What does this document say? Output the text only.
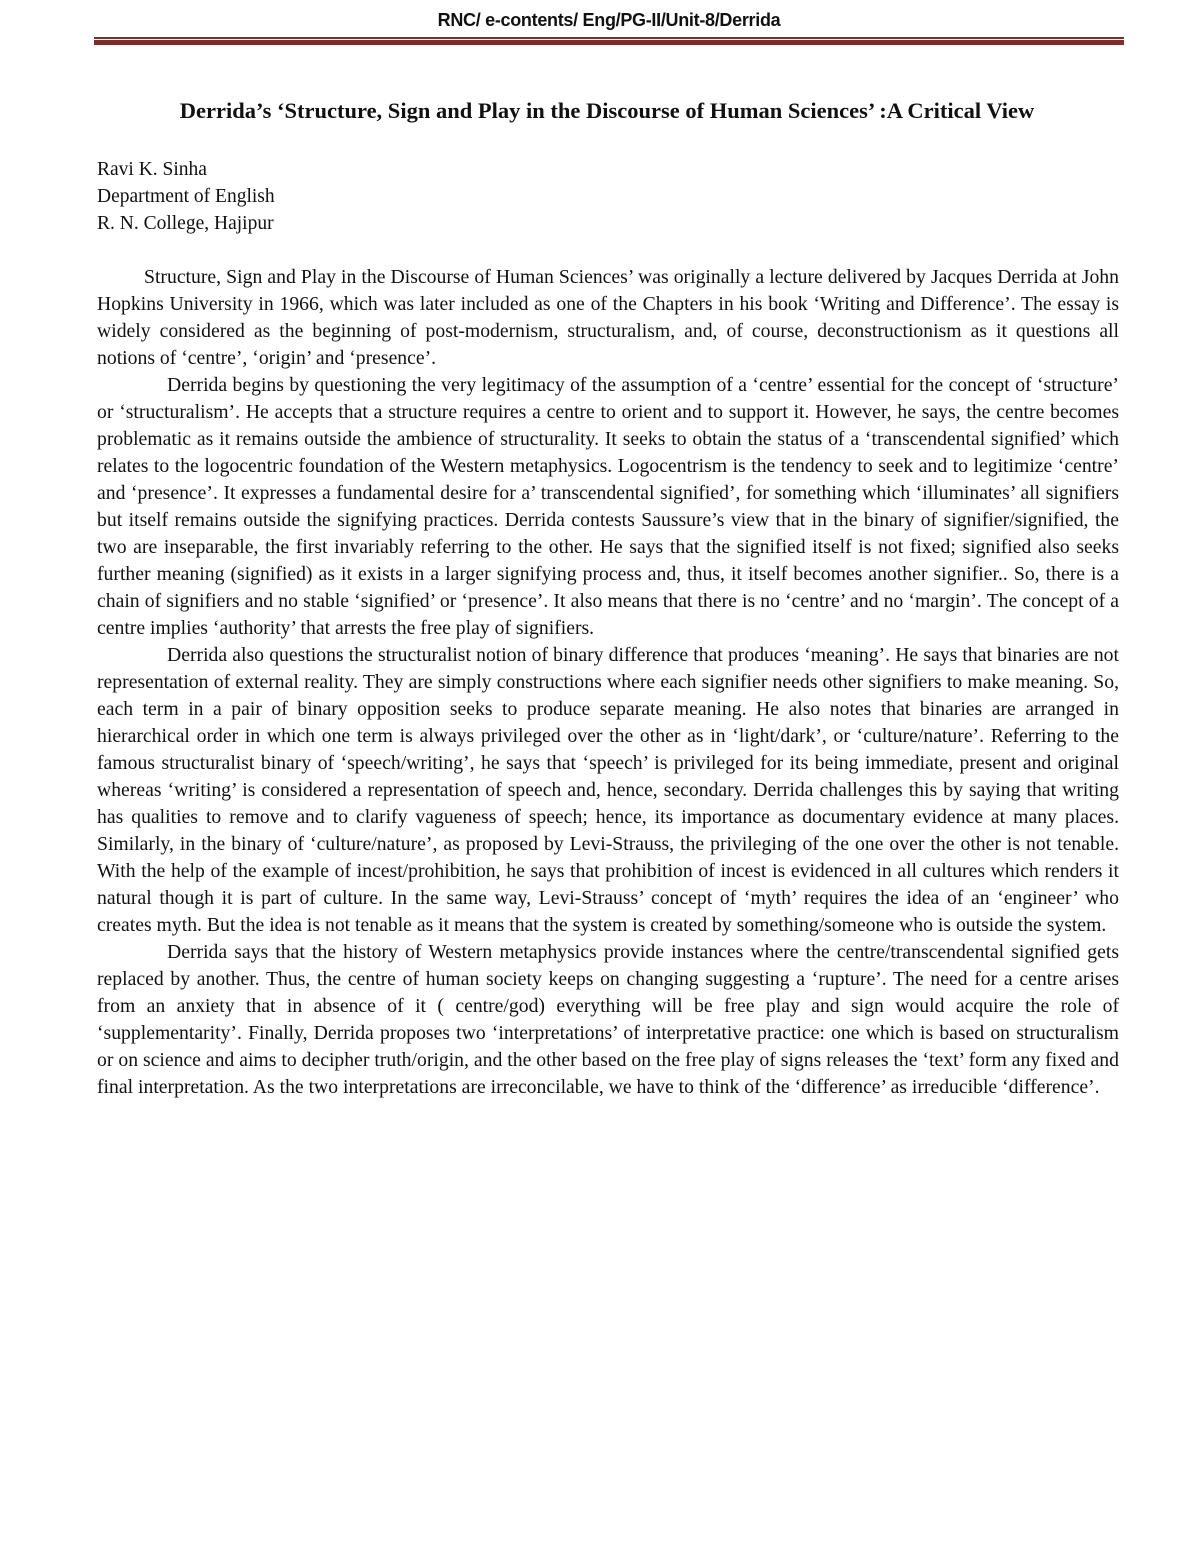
RNC/ e-contents/ Eng/PG-II/Unit-8/Derrida
Derrida’s ‘Structure, Sign and Play in the Discourse of Human Sciences’ :A Critical View
Ravi K. Sinha
Department of English
R. N. College, Hajipur

Structure, Sign and Play in the Discourse of Human Sciences’ was originally a lecture delivered by Jacques Derrida at John Hopkins University in 1966, which was later included as one of the Chapters in his book ‘Writing and Difference’. The essay is widely considered as the beginning of post-modernism, structuralism, and, of course, deconstructionism as it questions all notions of ‘centre’, ‘origin’ and ‘presence’.

Derrida begins by questioning the very legitimacy of the assumption of a ‘centre’ essential for the concept of ‘structure’ or ‘structuralism’. He accepts that a structure requires a centre to orient and to support it. However, he says, the centre becomes problematic as it remains outside the ambience of structurality. It seeks to obtain the status of a ‘transcendental signified’ which relates to the logocentric foundation of the Western metaphysics. Logocentrism is the tendency to seek and to legitimize ‘centre’ and ‘presence’. It expresses a fundamental desire for a’ transcendental signified’, for something which ‘illuminates’ all signifiers but itself remains outside the signifying practices. Derrida contests Saussure’s view that in the binary of signifier/signified, the two are inseparable, the first invariably referring to the other. He says that the signified itself is not fixed; signified also seeks further meaning (signified) as it exists in a larger signifying process and, thus, it itself becomes another signifier.. So, there is a chain of signifiers and no stable ‘signified’ or ‘presence’. It also means that there is no ‘centre’ and no ‘margin’. The concept of a centre implies ‘authority’ that arrests the free play of signifiers.

Derrida also questions the structuralist notion of binary difference that produces ‘meaning’. He says that binaries are not representation of external reality. They are simply constructions where each signifier needs other signifiers to make meaning. So, each term in a pair of binary opposition seeks to produce separate meaning. He also notes that binaries are arranged in hierarchical order in which one term is always privileged over the other as in ‘light/dark’, or ‘culture/nature’. Referring to the famous structuralist binary of ‘speech/writing’, he says that ‘speech’ is privileged for its being immediate, present and original whereas ‘writing’ is considered a representation of speech and, hence, secondary. Derrida challenges this by saying that writing has qualities to remove and to clarify vagueness of speech; hence, its importance as documentary evidence at many places. Similarly, in the binary of ‘culture/nature’, as proposed by Levi-Strauss, the privileging of the one over the other is not tenable. With the help of the example of incest/prohibition, he says that prohibition of incest is evidenced in all cultures which renders it natural though it is part of culture. In the same way, Levi-Strauss’ concept of ‘myth’ requires the idea of an ‘engineer’ who creates myth. But the idea is not tenable as it means that the system is created by something/someone who is outside the system.

Derrida says that the history of Western metaphysics provide instances where the centre/transcendental signified gets replaced by another. Thus, the centre of human society keeps on changing suggesting a ‘rupture’. The need for a centre arises from an anxiety that in absence of it ( centre/god) everything will be free play and sign would acquire the role of ‘supplementarity’. Finally, Derrida proposes two ‘interpretations’ of interpretative practice: one which is based on structuralism or on science and aims to decipher truth/origin, and the other based on the free play of signs releases the ‘text’ form any fixed and final interpretation. As the two interpretations are irreconcilable, we have to think of the ‘difference’ as irreducible ‘difference’.
